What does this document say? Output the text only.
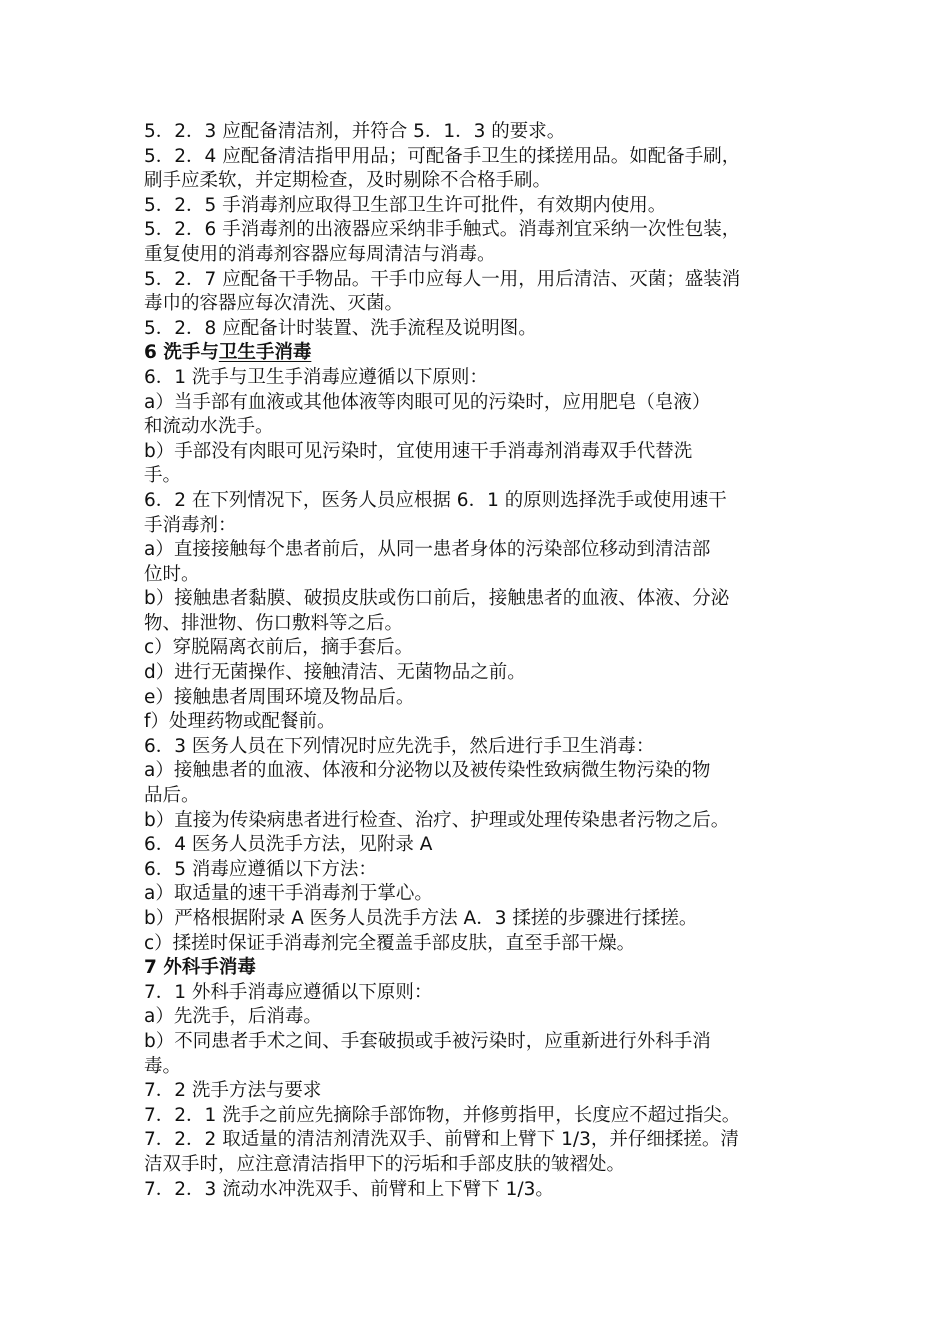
5．2．3 应配备清洁剂，并符合 5．1．3 的要求。
5．2．4 应配备清洁指甲用品；可配备手卫生的揉搓用品。如配备手刷，
刷手应柔软，并定期检查，及时剔除不合格手刷。
5．2．5 手消毒剂应取得卫生部卫生许可批件，有效期内使用。
5．2．6 手消毒剂的出液器应采纳非手触式。消毒剂宜采纳一次性包装，
重复使用的消毒剂容器应每周清洁与消毒。
5．2．7 应配备干手物品。干手巾应每人一用，用后清洁、灭菌；盛装消
毒巾的容器应每次清洗、灭菌。
5．2．8 应配备计时装置、洗手流程及说明图。
6 洗手与卫生手消毒
6．1 洗手与卫生手消毒应遵循以下原则：
a）当手部有血液或其他体液等肉眼可见的污染时，应用肥皂（皂液）
和流动水洗手。
b）手部没有肉眼可见污染时，宜使用速干手消毒剂消毒双手代替洗
手。
6．2 在下列情况下，医务人员应根据 6．1 的原则选择洗手或使用速干
手消毒剂：
a）直接接触每个患者前后，从同一患者身体的污染部位移动到清洁部
位时。
b）接触患者黏膜、破损皮肤或伤口前后，接触患者的血液、体液、分泌
物、排泄物、伤口敷料等之后。
c）穿脱隔离衣前后，摘手套后。
d）进行无菌操作、接触清洁、无菌物品之前。
e）接触患者周围环境及物品后。
f）处理药物或配餐前。
6．3 医务人员在下列情况时应先洗手，然后进行手卫生消毒：
a）接触患者的血液、体液和分泌物以及被传染性致病微生物污染的物
品后。
b）直接为传染病患者进行检查、治疗、护理或处理传染患者污物之后。
6．4 医务人员洗手方法，见附录 A
6．5 消毒应遵循以下方法：
a）取适量的速干手消毒剂于掌心。
b）严格根据附录 A 医务人员洗手方法 A．3 揉搓的步骤进行揉搓。
c）揉搓时保证手消毒剂完全覆盖手部皮肤，直至手部干燥。
7 外科手消毒
7．1 外科手消毒应遵循以下原则：
a）先洗手，后消毒。
b）不同患者手术之间、手套破损或手被污染时，应重新进行外科手消
毒。
7．2 洗手方法与要求
7．2．1 洗手之前应先摘除手部饰物，并修剪指甲，长度应不超过指尖。
7．2．2 取适量的清洁剂清洗双手、前臂和上臂下 1/3，并仔细揉搓。清
洁双手时，应注意清洁指甲下的污垢和手部皮肤的皱褶处。
7．2．3 流动水冲洗双手、前臂和上下臂下 1/3。
